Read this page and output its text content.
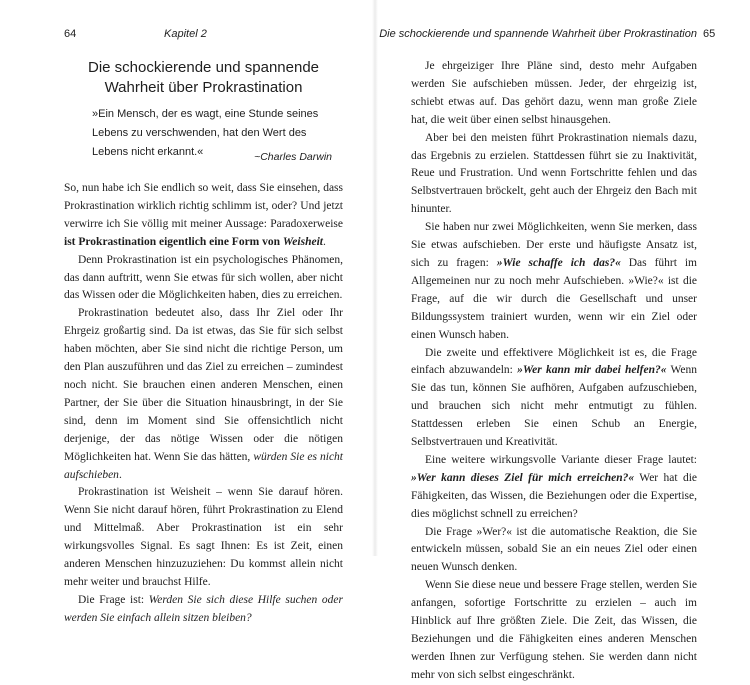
64	Kapitel 2
Die schockierende und spannende
Wahrheit über Prokrastination
»Ein Mensch, der es wagt, eine Stunde seines Lebens zu verschwenden, hat den Wert des Lebens nicht erkannt.«	~Charles Darwin

So, nun habe ich Sie endlich so weit, dass Sie einsehen, dass Prokrastination wirklich richtig schlimm ist, oder? Und jetzt verwirre ich Sie völlig mit meiner Aussage: Paradoxerweise ist Prokrastination eigentlich eine Form von Weisheit.

Denn Prokrastination ist ein psychologisches Phänomen, das dann auftritt, wenn Sie etwas für sich wollen, aber nicht das Wissen oder die Möglichkeiten haben, dies zu erreichen.

Prokrastination bedeutet also, dass Ihr Ziel oder Ihr Ehrgeiz großartig sind. Da ist etwas, das Sie für sich selbst haben möchten, aber Sie sind nicht die richtige Person, um den Plan auszuführen und das Ziel zu erreichen – zumindest noch nicht. Sie brauchen einen anderen Menschen, einen Partner, der Sie über die Situation hinausbringt, in der Sie sind, denn im Moment sind Sie offensichtlich nicht derjenige, der das nötige Wissen oder die nötigen Möglichkeiten hat. Wenn Sie das hätten, würden Sie es nicht aufschieben.

Prokrastination ist Weisheit – wenn Sie darauf hören. Wenn Sie nicht darauf hören, führt Prokrastination zu Elend und Mittelmaß. Aber Prokrastination ist ein sehr wirkungsvolles Signal. Es sagt Ihnen: Es ist Zeit, einen anderen Menschen hinzuzuziehen: Du kommst allein nicht mehr weiter und brauchst Hilfe.

Die Frage ist: Werden Sie sich diese Hilfe suchen oder werden Sie einfach allein sitzen bleiben?

Die schockierende und spannende Wahrheit über Prokrastination 65

Je ehrgeiziger Ihre Pläne sind, desto mehr Aufgaben werden Sie aufschieben müssen. Jeder, der ehrgeizig ist, schiebt etwas auf. Das gehört dazu, wenn man große Ziele hat, die weit über einen selbst hinausgehen.

Aber bei den meisten führt Prokrastination niemals dazu, das Ergebnis zu erzielen. Stattdessen führt sie zu Inaktivität, Reue und Frustration. Und wenn Fortschritte fehlen und das Selbstvertrauen bröckelt, geht auch der Ehrgeiz den Bach mit hinunter.

Sie haben nur zwei Möglichkeiten, wenn Sie merken, dass Sie etwas aufschieben. Der erste und häufigste Ansatz ist, sich zu fragen: »Wie schaffe ich das?« Das führt im Allgemeinen nur zu noch mehr Aufschieben. »Wie?« ist die Frage, auf die wir durch die Gesellschaft und unser Bildungssystem trainiert wurden, wenn wir ein Ziel oder einen Wunsch haben.

Die zweite und effektivere Möglichkeit ist es, die Frage einfach abzuwandeln: »Wer kann mir dabei helfen?« Wenn Sie das tun, können Sie aufhören, Aufgaben aufzuschieben, und brauchen sich nicht mehr entmutigt zu fühlen. Stattdessen erleben Sie einen Schub an Energie, Selbstvertrauen und Kreativität.

Eine weitere wirkungsvolle Variante dieser Frage lautet: »Wer kann dieses Ziel für mich erreichen?« Wer hat die Fähigkeiten, das Wissen, die Beziehungen oder die Expertise, dies möglichst schnell zu erreichen?

Die Frage »Wer?« ist die automatische Reaktion, die Sie entwickeln müssen, sobald Sie an ein neues Ziel oder einen neuen Wunsch denken.

Wenn Sie diese neue und bessere Frage stellen, werden Sie anfangen, sofortige Fortschritte zu erzielen – auch im Hinblick auf Ihre größten Ziele. Die Zeit, das Wissen, die Beziehungen und die Fähigkeiten eines anderen Menschen werden Ihnen zur Verfügung stehen. Sie werden dann nicht mehr von sich selbst eingeschränkt.
